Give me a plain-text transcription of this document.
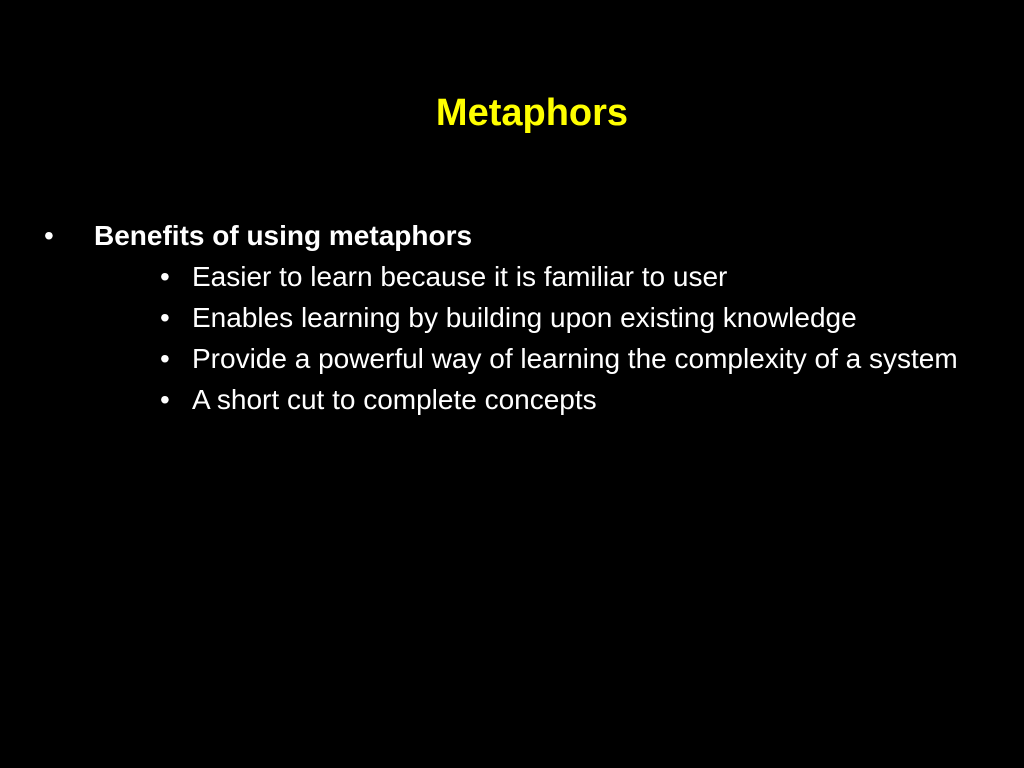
Metaphors
• Benefits of using metaphors
• Easier to learn because it is familiar to user
• Enables learning by building upon existing knowledge
• Provide a powerful way of learning the complexity of a system
• A short cut to complete concepts
